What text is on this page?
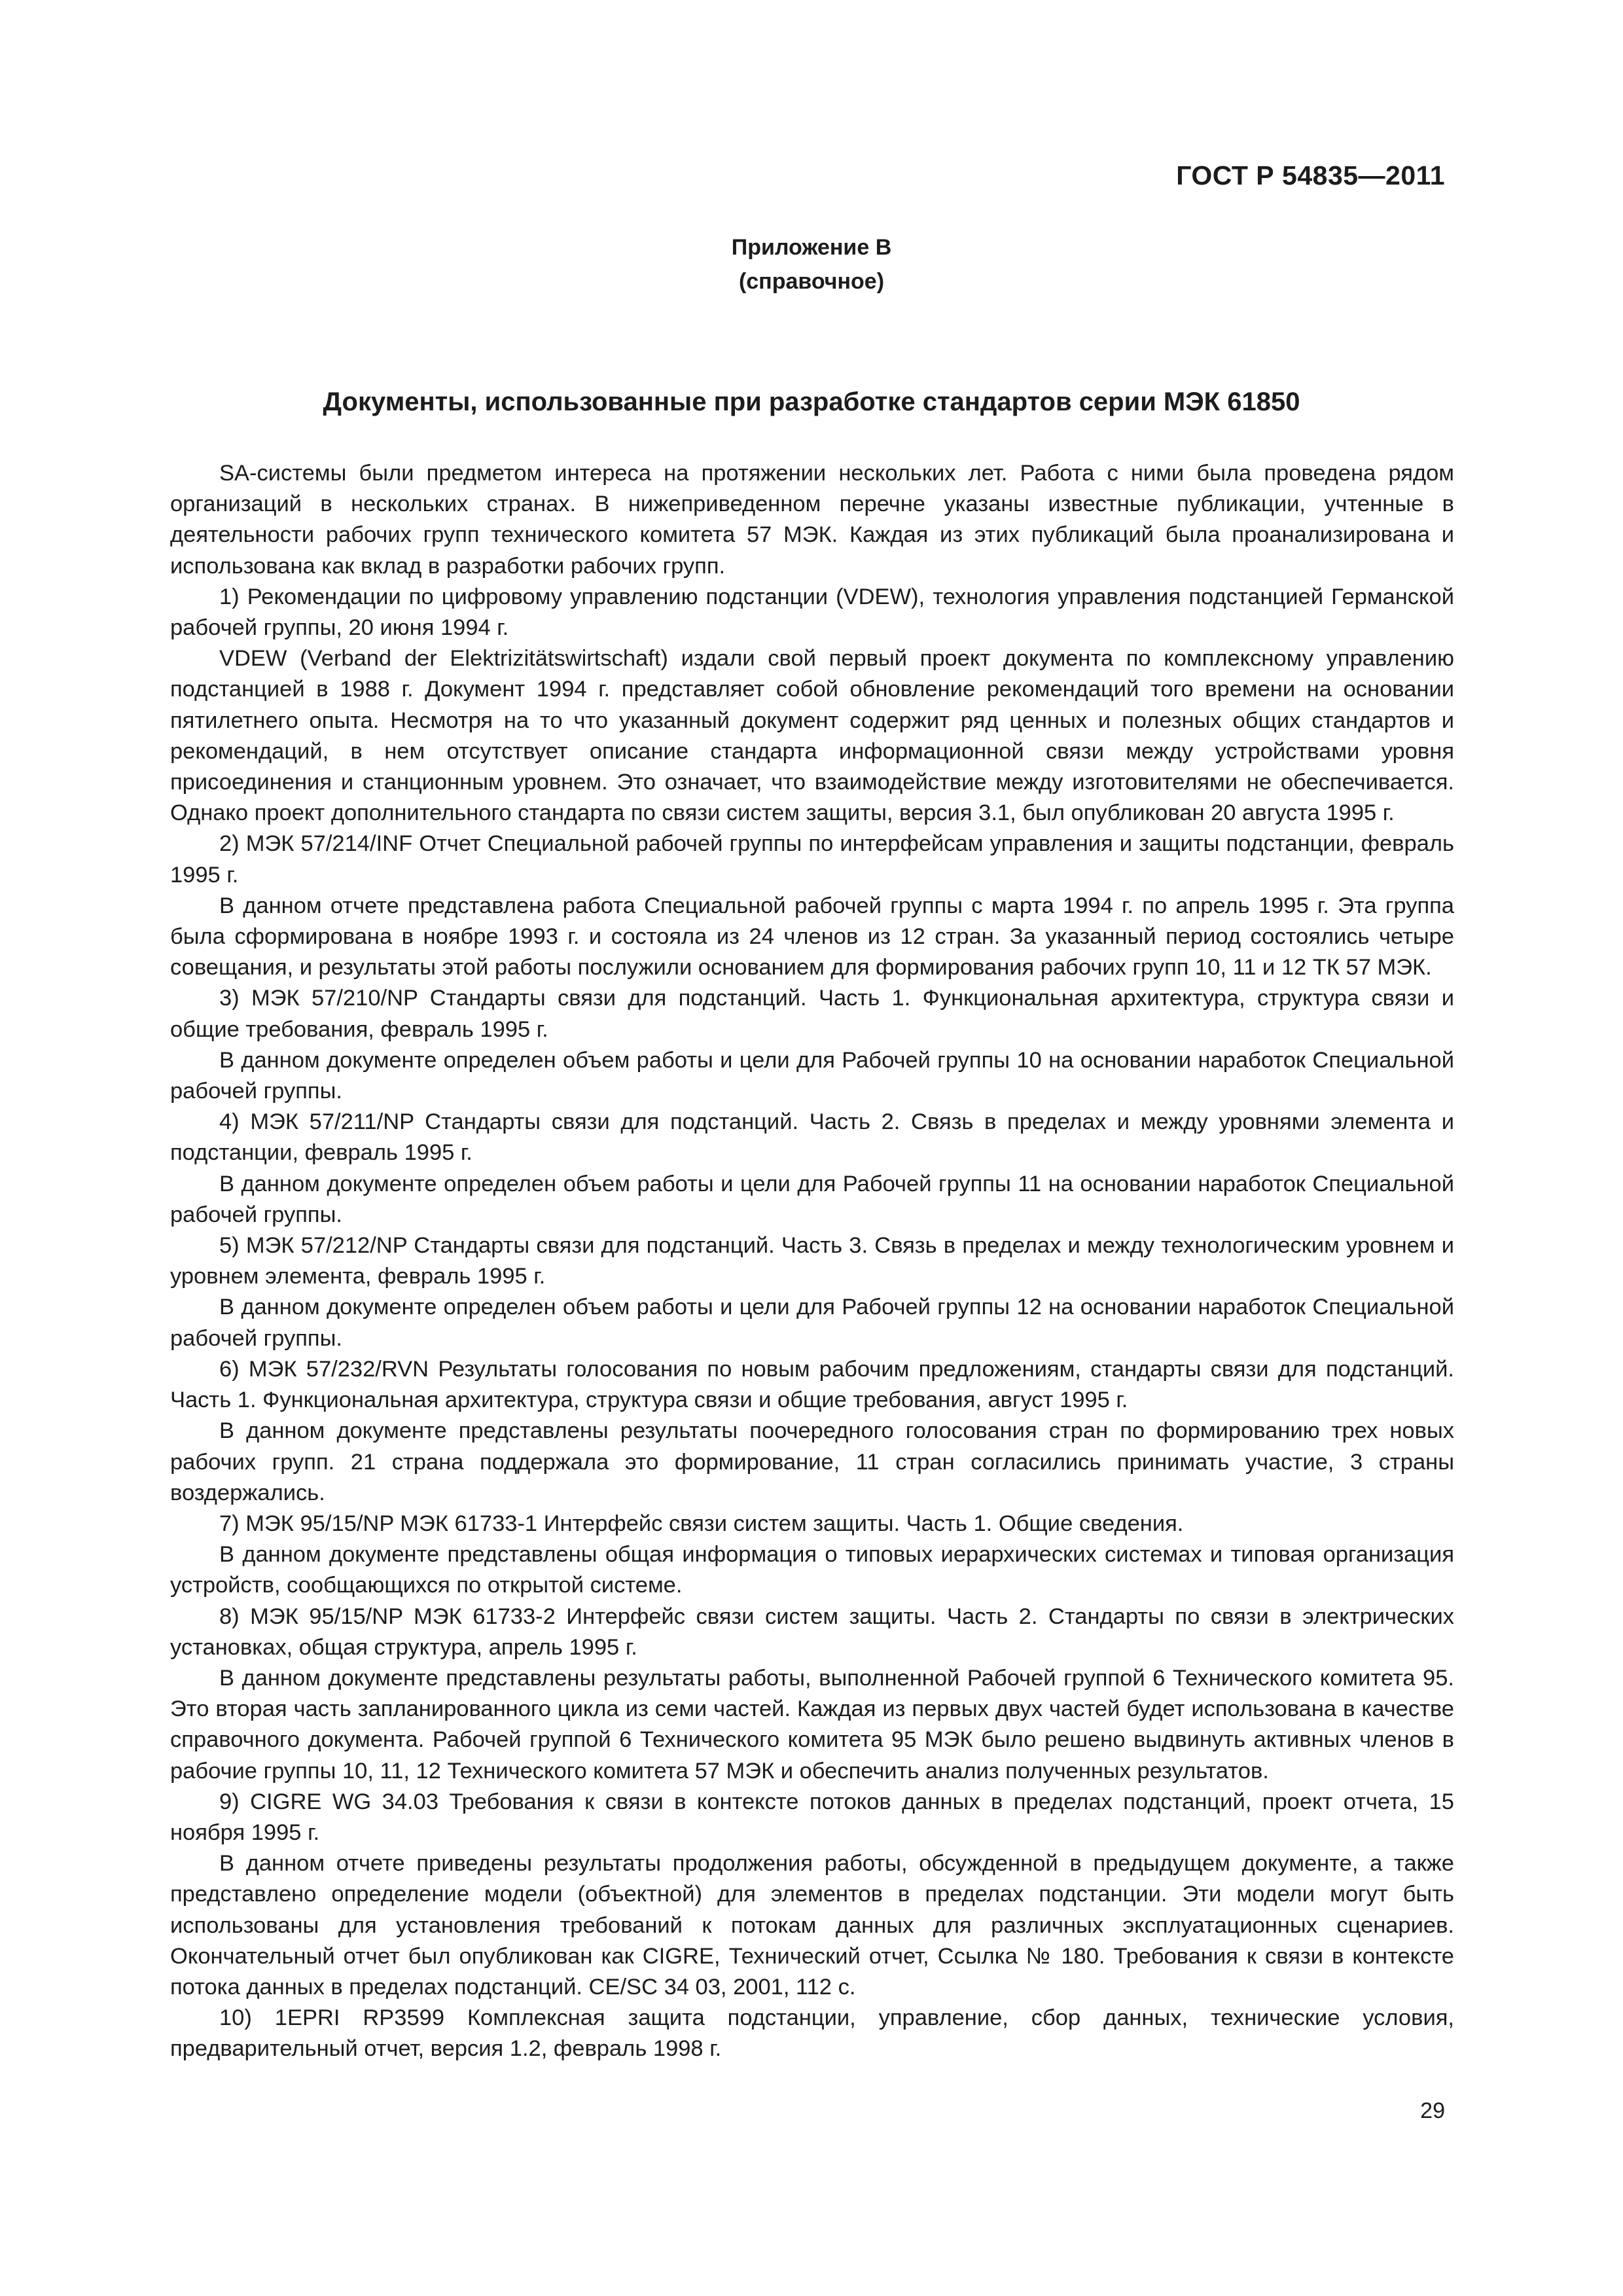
ГОСТ Р 54835—2011
Приложение В
(справочное)
Документы, использованные при разработке стандартов серии МЭК 61850

SA-системы были предметом интереса на протяжении нескольких лет. Работа с ними была проведена рядом организаций в нескольких странах. В нижеприведенном перечне указаны известные публикации, учтенные в деятельности рабочих групп технического комитета 57 МЭК. Каждая из этих публикаций была проанализирована и использована как вклад в разработки рабочих групп.

1) Рекомендации по цифровому управлению подстанции (VDEW), технология управления подстанцией Германской рабочей группы, 20 июня 1994 г.

VDEW (Verband der Elektrizitätswirtschaft) издали свой первый проект документа по комплексному управлению подстанцией в 1988 г. Документ 1994 г. представляет собой обновление рекомендаций того времени на основании пятилетнего опыта. Несмотря на то что указанный документ содержит ряд ценных и полезных общих стандартов и рекомендаций, в нем отсутствует описание стандарта информационной связи между устройствами уровня присоединения и станционным уровнем. Это означает, что взаимодействие между изготовителями не обеспечивается. Однако проект дополнительного стандарта по связи систем защиты, версия 3.1, был опубликован 20 августа 1995 г.

2) МЭК 57/214/INF Отчет Специальной рабочей группы по интерфейсам управления и защиты подстанции, февраль 1995 г.

В данном отчете представлена работа Специальной рабочей группы с марта 1994 г. по апрель 1995 г. Эта группа была сформирована в ноябре 1993 г. и состояла из 24 членов из 12 стран. За указанный период состоялись четыре совещания, и результаты этой работы послужили основанием для формирования рабочих групп 10, 11 и 12 ТК 57 МЭК.

3) МЭК 57/210/NP Стандарты связи для подстанций. Часть 1. Функциональная архитектура, структура связи и общие требования, февраль 1995 г.

В данном документе определен объем работы и цели для Рабочей группы 10 на основании наработок Специальной рабочей группы.

4) МЭК 57/211/NP Стандарты связи для подстанций. Часть 2. Связь в пределах и между уровнями элемента и подстанции, февраль 1995 г.

В данном документе определен объем работы и цели для Рабочей группы 11 на основании наработок Специальной рабочей группы.

5) МЭК 57/212/NP Стандарты связи для подстанций. Часть 3. Связь в пределах и между технологическим уровнем и уровнем элемента, февраль 1995 г.

В данном документе определен объем работы и цели для Рабочей группы 12 на основании наработок Специальной рабочей группы.

6) МЭК 57/232/RVN Результаты голосования по новым рабочим предложениям, стандарты связи для подстанций. Часть 1. Функциональная архитектура, структура связи и общие требования, август 1995 г.

В данном документе представлены результаты поочередного голосования стран по формированию трех новых рабочих групп. 21 страна поддержала это формирование, 11 стран согласились принимать участие, 3 страны воздержались.

7) МЭК 95/15/NP МЭК 61733-1 Интерфейс связи систем защиты. Часть 1. Общие сведения.

В данном документе представлены общая информация о типовых иерархических системах и типовая организация устройств, сообщающихся по открытой системе.

8) МЭК 95/15/NP МЭК 61733-2 Интерфейс связи систем защиты. Часть 2. Стандарты по связи в электрических установках, общая структура, апрель 1995 г.

В данном документе представлены результаты работы, выполненной Рабочей группой 6 Технического комитета 95. Это вторая часть запланированного цикла из семи частей. Каждая из первых двух частей будет использована в качестве справочного документа. Рабочей группой 6 Технического комитета 95 МЭК было решено выдвинуть активных членов в рабочие группы 10, 11, 12 Технического комитета 57 МЭК и обеспечить анализ полученных результатов.

9) CIGRE WG 34.03 Требования к связи в контексте потоков данных в пределах подстанций, проект отчета, 15 ноября 1995 г.

В данном отчете приведены результаты продолжения работы, обсужденной в предыдущем документе, а также представлено определение модели (объектной) для элементов в пределах подстанции. Эти модели могут быть использованы для установления требований к потокам данных для различных эксплуатационных сценариев. Окончательный отчет был опубликован как CIGRE, Технический отчет, Ссылка № 180. Требования к связи в контексте потока данных в пределах подстанций. CE/SC 34 03, 2001, 112 с.

10) 1EPRI RP3599 Комплексная защита подстанции, управление, сбор данных, технические условия, предварительный отчет, версия 1.2, февраль 1998 г.

29
